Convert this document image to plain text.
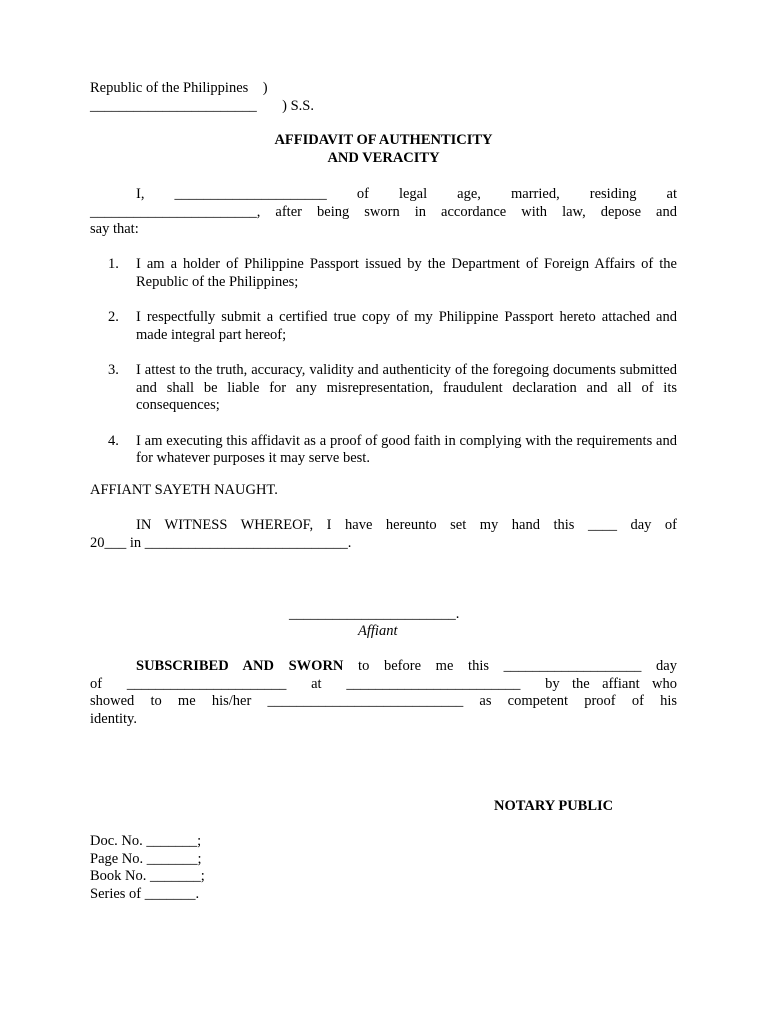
Republic of the Philippines    )
_______________________       ) S.S.
AFFIDAVIT OF AUTHENTICITY
AND VERACITY
I,    _____________________    of    legal    age,    married,    residing    at
_______________________, after being sworn in accordance with law, depose and
say that:
1.	I am a holder of Philippine Passport issued by the Department of Foreign Affairs of the Republic of the Philippines;
2.	I respectfully submit a certified true copy of my Philippine Passport hereto attached and made integral part hereof;
3.	I attest to the truth, accuracy, validity and authenticity of the foregoing documents submitted and shall be liable for any misrepresentation, fraudulent declaration and all of its consequences;
4.	I am executing this affidavit as a proof of good faith in complying with the requirements and for whatever purposes it may serve best.
AFFIANT SAYETH NAUGHT.
IN WITNESS WHEREOF, I have hereunto set my hand this ____ day of
20___ in ____________________________.
_______________________.
Affiant
SUBSCRIBED AND SWORN to before me this ___________________ day
of  ______________________  at  ________________________  by the affiant who
showed to me his/her ___________________________ as competent proof of his
identity.
NOTARY PUBLIC
Doc. No. _______;
Page No. _______;
Book No. _______;
Series of _______.
